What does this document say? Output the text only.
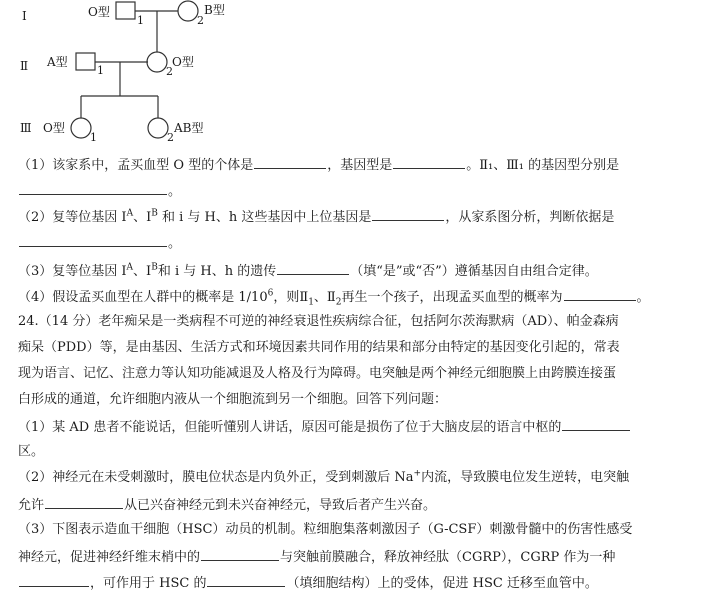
Ⅰ
Ⅱ
Ⅲ
O型
1	2
B型
A型
1	2
O型
O型
1	2
AB型
（1）该家系中，孟买血型 O 型的个体是	，基因型是	。Ⅱ₁、Ⅲ₁ 的基因型分别是
。
（2）复等位基因 $I^A$、$I^B$ 和 i 与 H、h 这些基因中上位基因是	，从家系图分析，判断依据是
。
（3）复等位基因 $I^A$、$I^B$和 i 与 H、h 的遗传	（填“是”或“否”）遵循基因自由组合定律。
（4）假设孟买血型在人群中的概率是 $1/10^6$，则$Ⅱ_1$、$Ⅱ_2$再生一个孩子，出现孟买血型的概率为	。
24.（14 分）老年痴呆是一类病程不可逆的神经衰退性疾病综合征，包括阿尔茨海默病（AD）、帕金森病
痴呆（PDD）等，是由基因、生活方式和环境因素共同作用的结果和部分由特定的基因变化引起的，常表
现为语言、记忆、注意力等认知功能减退及人格及行为障碍。电突触是两个神经元细胞膜上由跨膜连接蛋
白形成的通道，允许细胞内液从一个细胞流到另一个细胞。回答下列问题：
（1）某 AD 患者不能说话，但能听懂别人讲话，原因可能是损伤了位于大脑皮层的语言中枢的
区。
（2）神经元在未受刺激时，膜电位状态是内负外正，受到刺激后 Na+内流，导致膜电位发生逆转，电突触
允许	从已兴奋神经元到未兴奋神经元，导致后者产生兴奋。
（3）下图表示造血干细胞（HSC）动员的机制。粒细胞集落刺激因子（G-CSF）刺激骨髓中的伤害性感受
神经元，促进神经纤维末梢中的	与突触前膜融合，释放神经肽（CGRP），CGRP 作为一种
，可作用于 HSC 的	（填细胞结构）上的受体，促进 HSC 迁移至血管中。
